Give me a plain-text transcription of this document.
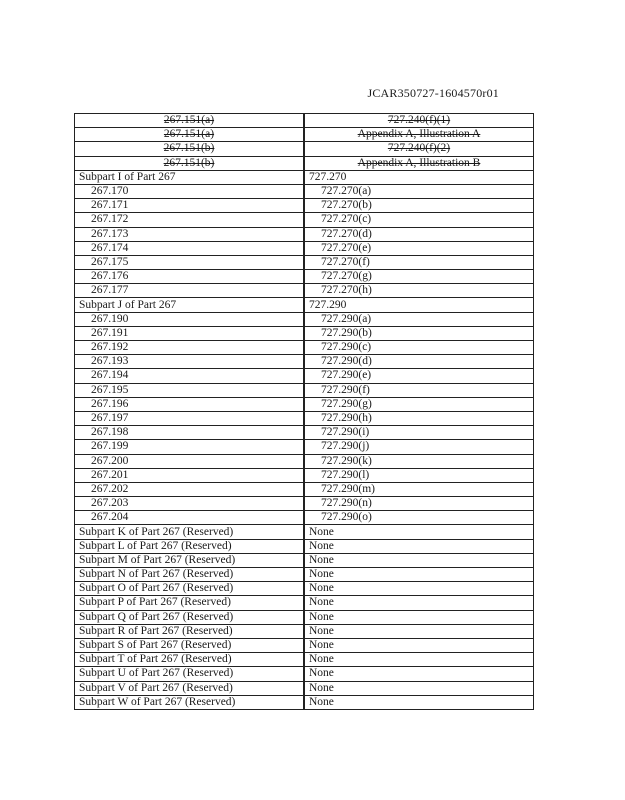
JCAR350727-1604570r01
267.151(a)	727.240(f)(1)
267.151(a)	Appendix A, Illustration A
267.151(b)	727.240(f)(2)
267.151(b)	Appendix A, Illustration B
Subpart I of Part 267	727.270
267.170	727.270(a)
267.171	727.270(b)
267.172	727.270(c)
267.173	727.270(d)
267.174	727.270(e)
267.175	727.270(f)
267.176	727.270(g)
267.177	727.270(h)
Subpart J of Part 267	727.290
267.190	727.290(a)
267.191	727.290(b)
267.192	727.290(c)
267.193	727.290(d)
267.194	727.290(e)
267.195	727.290(f)
267.196	727.290(g)
267.197	727.290(h)
267.198	727.290(i)
267.199	727.290(j)
267.200	727.290(k)
267.201	727.290(l)
267.202	727.290(m)
267.203	727.290(n)
267.204	727.290(o)
Subpart K of Part 267 (Reserved)	None
Subpart L of Part 267 (Reserved)	None
Subpart M of Part 267 (Reserved)	None
Subpart N of Part 267 (Reserved)	None
Subpart O of Part 267 (Reserved)	None
Subpart P of Part 267 (Reserved)	None
Subpart Q of Part 267 (Reserved)	None
Subpart R of Part 267 (Reserved)	None
Subpart S of Part 267 (Reserved)	None
Subpart T of Part 267 (Reserved)	None
Subpart U of Part 267 (Reserved)	None
Subpart V of Part 267 (Reserved)	None
Subpart W of Part 267 (Reserved)	None
